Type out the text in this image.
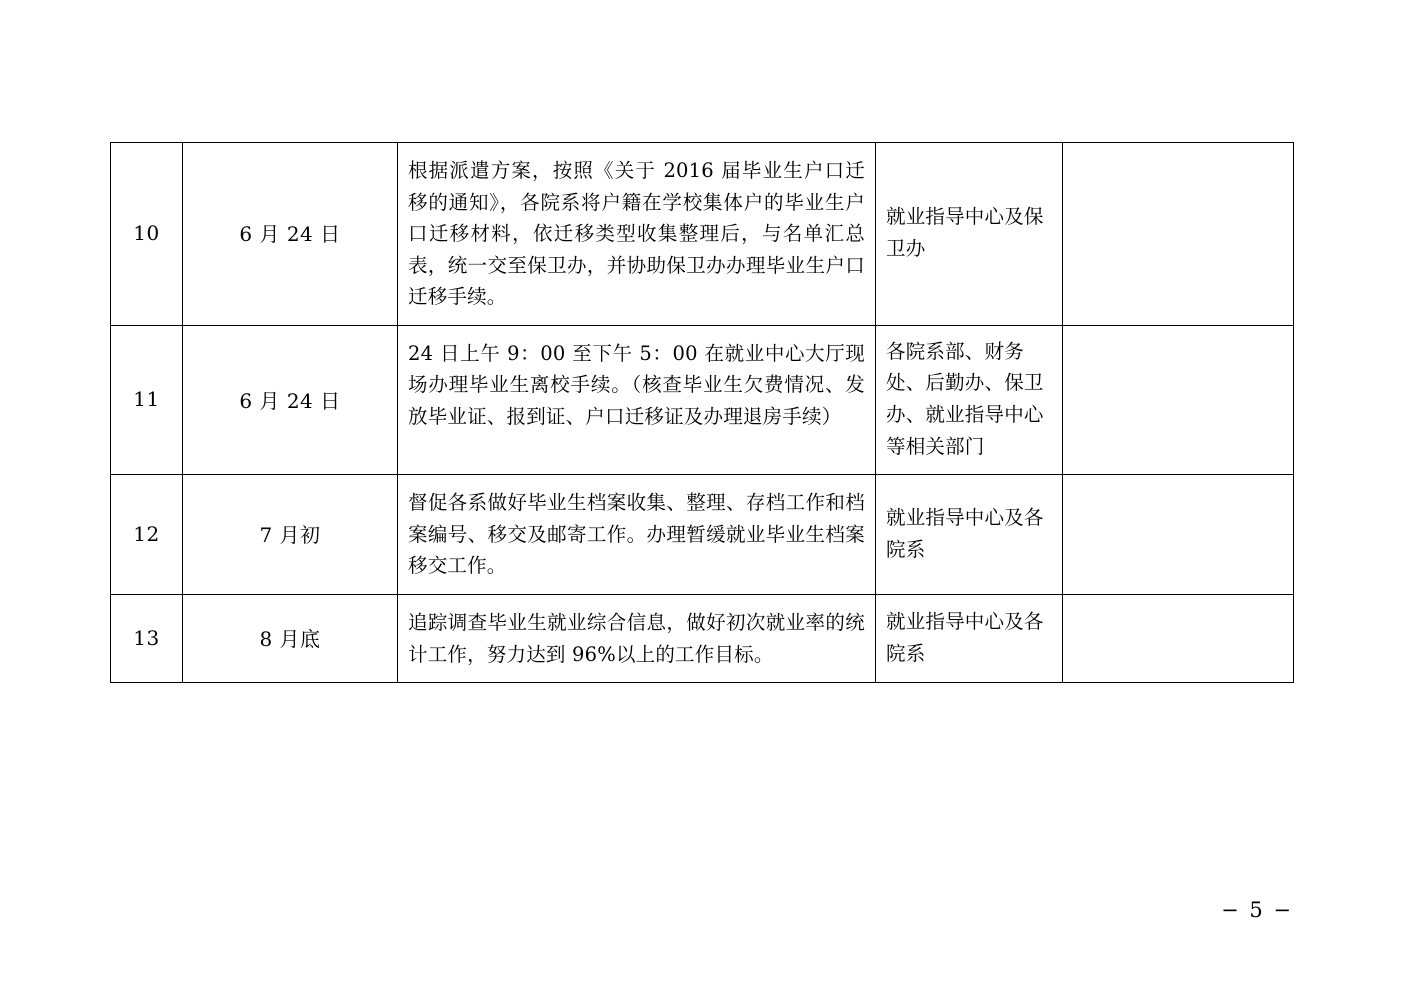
10	6 月 24 日	根据派遣方案，按照《关于 2016 届毕业生户口迁移的通知》，各院系将户籍在学校集体户的毕业生户口迁移材料，依迁移类型收集整理后，与名单汇总表，统一交至保卫办，并协助保卫办办理毕业生户口迁移手续。	就业指导中心及保卫办	
11	6 月 24 日	24 日上午 9：00 至下午 5：00 在就业中心大厅现场办理毕业生离校手续。（核查毕业生欠费情况、发放毕业证、报到证、户口迁移证及办理退房手续）	各院系部、财务处、后勤办、保卫办、就业指导中心等相关部门	
12	7 月初	督促各系做好毕业生档案收集、整理、存档工作和档案编号、移交及邮寄工作。办理暂缓就业毕业生档案移交工作。	就业指导中心及各院系	
13	8 月底	追踪调查毕业生就业综合信息，做好初次就业率的统计工作，努力达到 96%以上的工作目标。	就业指导中心及各院系	
− 5 −
